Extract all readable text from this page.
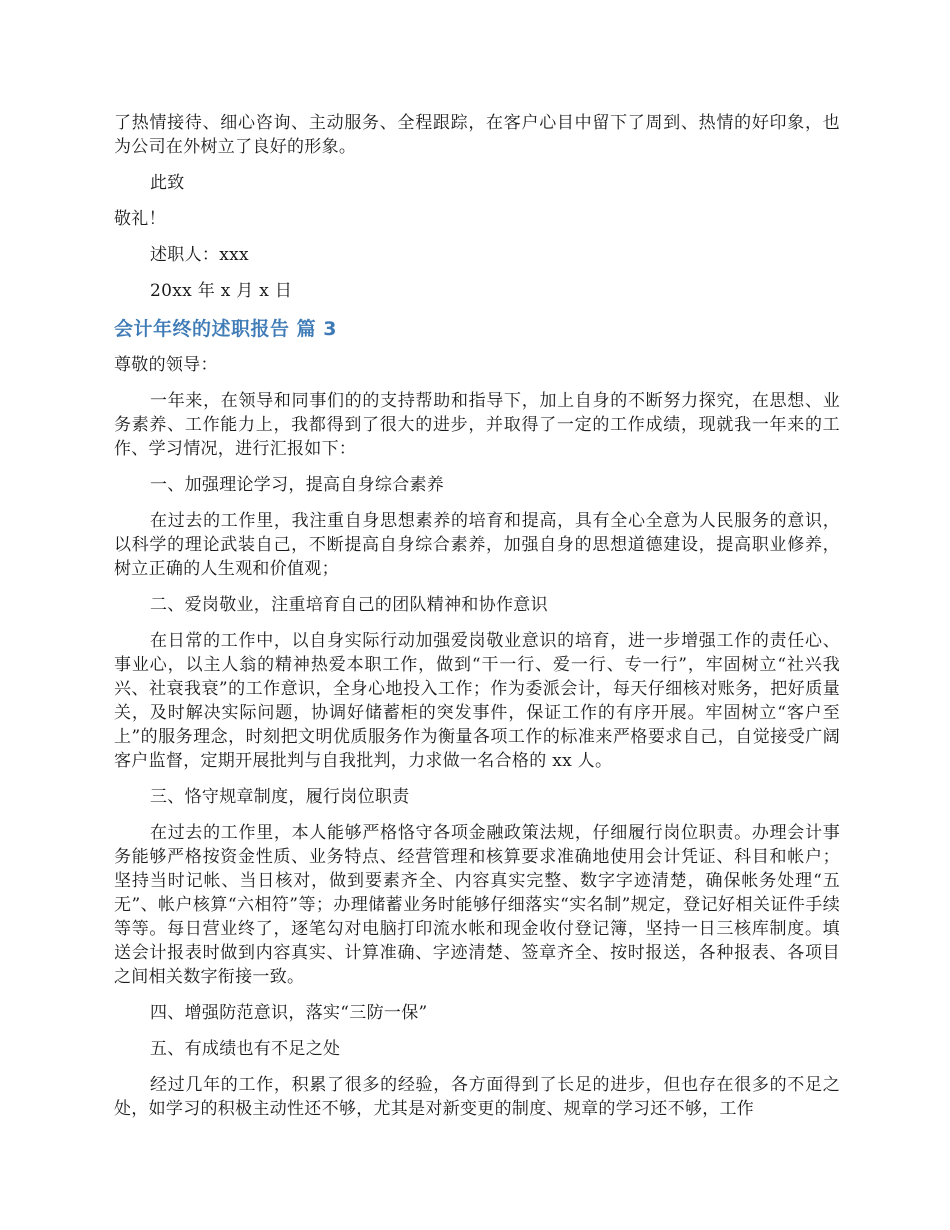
了热情接待、细心咨询、主动服务、全程跟踪，在客户心目中留下了周到、热情的好印象，也为公司在外树立了良好的形象。

此致

敬礼！

述职人：xxx

20xx 年 x 月 x 日

会计年终的述职报告 篇 3

尊敬的领导：

一年来，在领导和同事们的的支持帮助和指导下，加上自身的不断努力探究，在思想、业务素养、工作能力上，我都得到了很大的进步，并取得了一定的工作成绩，现就我一年来的工作、学习情况，进行汇报如下：

一、加强理论学习，提高自身综合素养

在过去的工作里，我注重自身思想素养的培育和提高，具有全心全意为人民服务的意识，以科学的理论武装自己，不断提高自身综合素养，加强自身的思想道德建设，提高职业修养，树立正确的人生观和价值观；

二、爱岗敬业，注重培育自己的团队精神和协作意识

在日常的工作中，以自身实际行动加强爱岗敬业意识的培育，进一步增强工作的责任心、事业心，以主人翁的精神热爱本职工作，做到“干一行、爱一行、专一行”，牢固树立“社兴我兴、社衰我衰”的工作意识，全身心地投入工作；作为委派会计，每天仔细核对账务，把好质量关，及时解决实际问题，协调好储蓄柜的突发事件，保证工作的有序开展。牢固树立“客户至上”的服务理念，时刻把文明优质服务作为衡量各项工作的标准来严格要求自己，自觉接受广阔客户监督，定期开展批判与自我批判，力求做一名合格的 xx 人。

三、恪守规章制度，履行岗位职责

在过去的工作里，本人能够严格恪守各项金融政策法规，仔细履行岗位职责。办理会计事务能够严格按资金性质、业务特点、经营管理和核算要求准确地使用会计凭证、科目和帐户；坚持当时记帐、当日核对，做到要素齐全、内容真实完整、数字字迹清楚，确保帐务处理“五无”、帐户核算“六相符”等；办理储蓄业务时能够仔细落实“实名制”规定，登记好相关证件手续等等。每日营业终了，逐笔勾对电脑打印流水帐和现金收付登记簿，坚持一日三核库制度。填送会计报表时做到内容真实、计算准确、字迹清楚、签章齐全、按时报送，各种报表、各项目之间相关数字衔接一致。

四、增强防范意识，落实“三防一保”

五、有成绩也有不足之处

经过几年的工作，积累了很多的经验，各方面得到了长足的进步，但也存在很多的不足之处，如学习的积极主动性还不够，尤其是对新变更的制度、规章的学习还不够，工作
